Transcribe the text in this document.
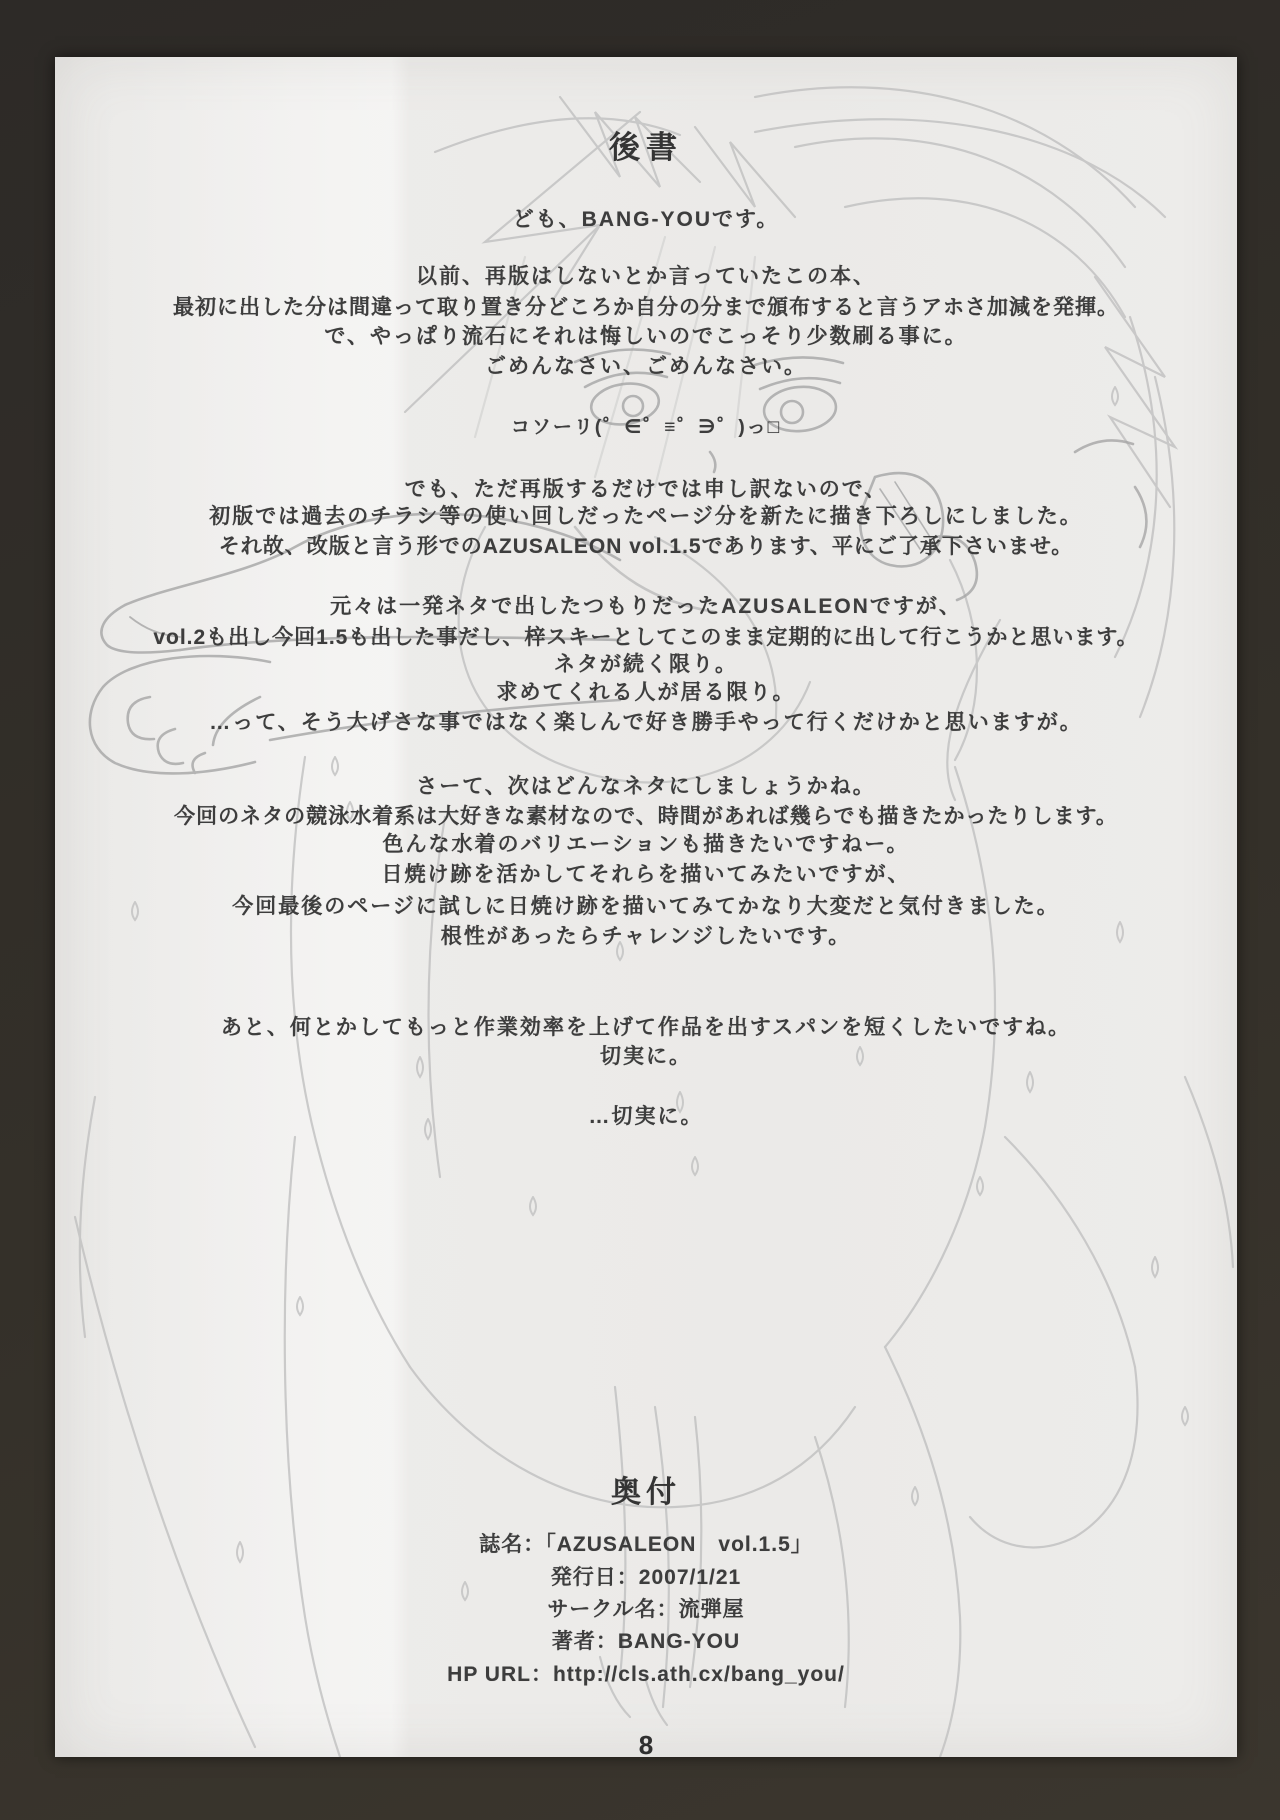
後書
ども、BANG-YOUです。
以前、再版はしないとか言っていたこの本、
最初に出した分は間違って取り置き分どころか自分の分まで頒布すると言うアホさ加減を発揮。
で、やっぱり流石にそれは悔しいのでこっそり少数刷る事に。
ごめんなさい、ごめんなさい。
コソーリ(゜∈゜≡゜∋゜)っ□
でも、ただ再版するだけでは申し訳ないので、
初版では過去のチラシ等の使い回しだったページ分を新たに描き下ろしにしました。
それ故、改版と言う形でのAZUSALEON vol.1.5であります、平にご了承下さいませ。
元々は一発ネタで出したつもりだったAZUSALEONですが、
vol.2も出し今回1.5も出した事だし、梓スキーとしてこのまま定期的に出して行こうかと思います。
ネタが続く限り。
求めてくれる人が居る限り。
…って、そう大げさな事ではなく楽しんで好き勝手やって行くだけかと思いますが。
さーて、次はどんなネタにしましょうかね。
今回のネタの競泳水着系は大好きな素材なので、時間があれば幾らでも描きたかったりします。
色んな水着のバリエーションも描きたいですねー。
日焼け跡を活かしてそれらを描いてみたいですが、
今回最後のページに試しに日焼け跡を描いてみてかなり大変だと気付きました。
根性があったらチャレンジしたいです。
あと、何とかしてもっと作業効率を上げて作品を出すスパンを短くしたいですね。
切実に。
…切実に。
奥付
誌名：「AZUSALEON　vol.1.5」
発行日：2007/1/21
サークル名：流弾屋
著者：BANG-YOU
HP URL：http://cls.ath.cx/bang_you/
8
